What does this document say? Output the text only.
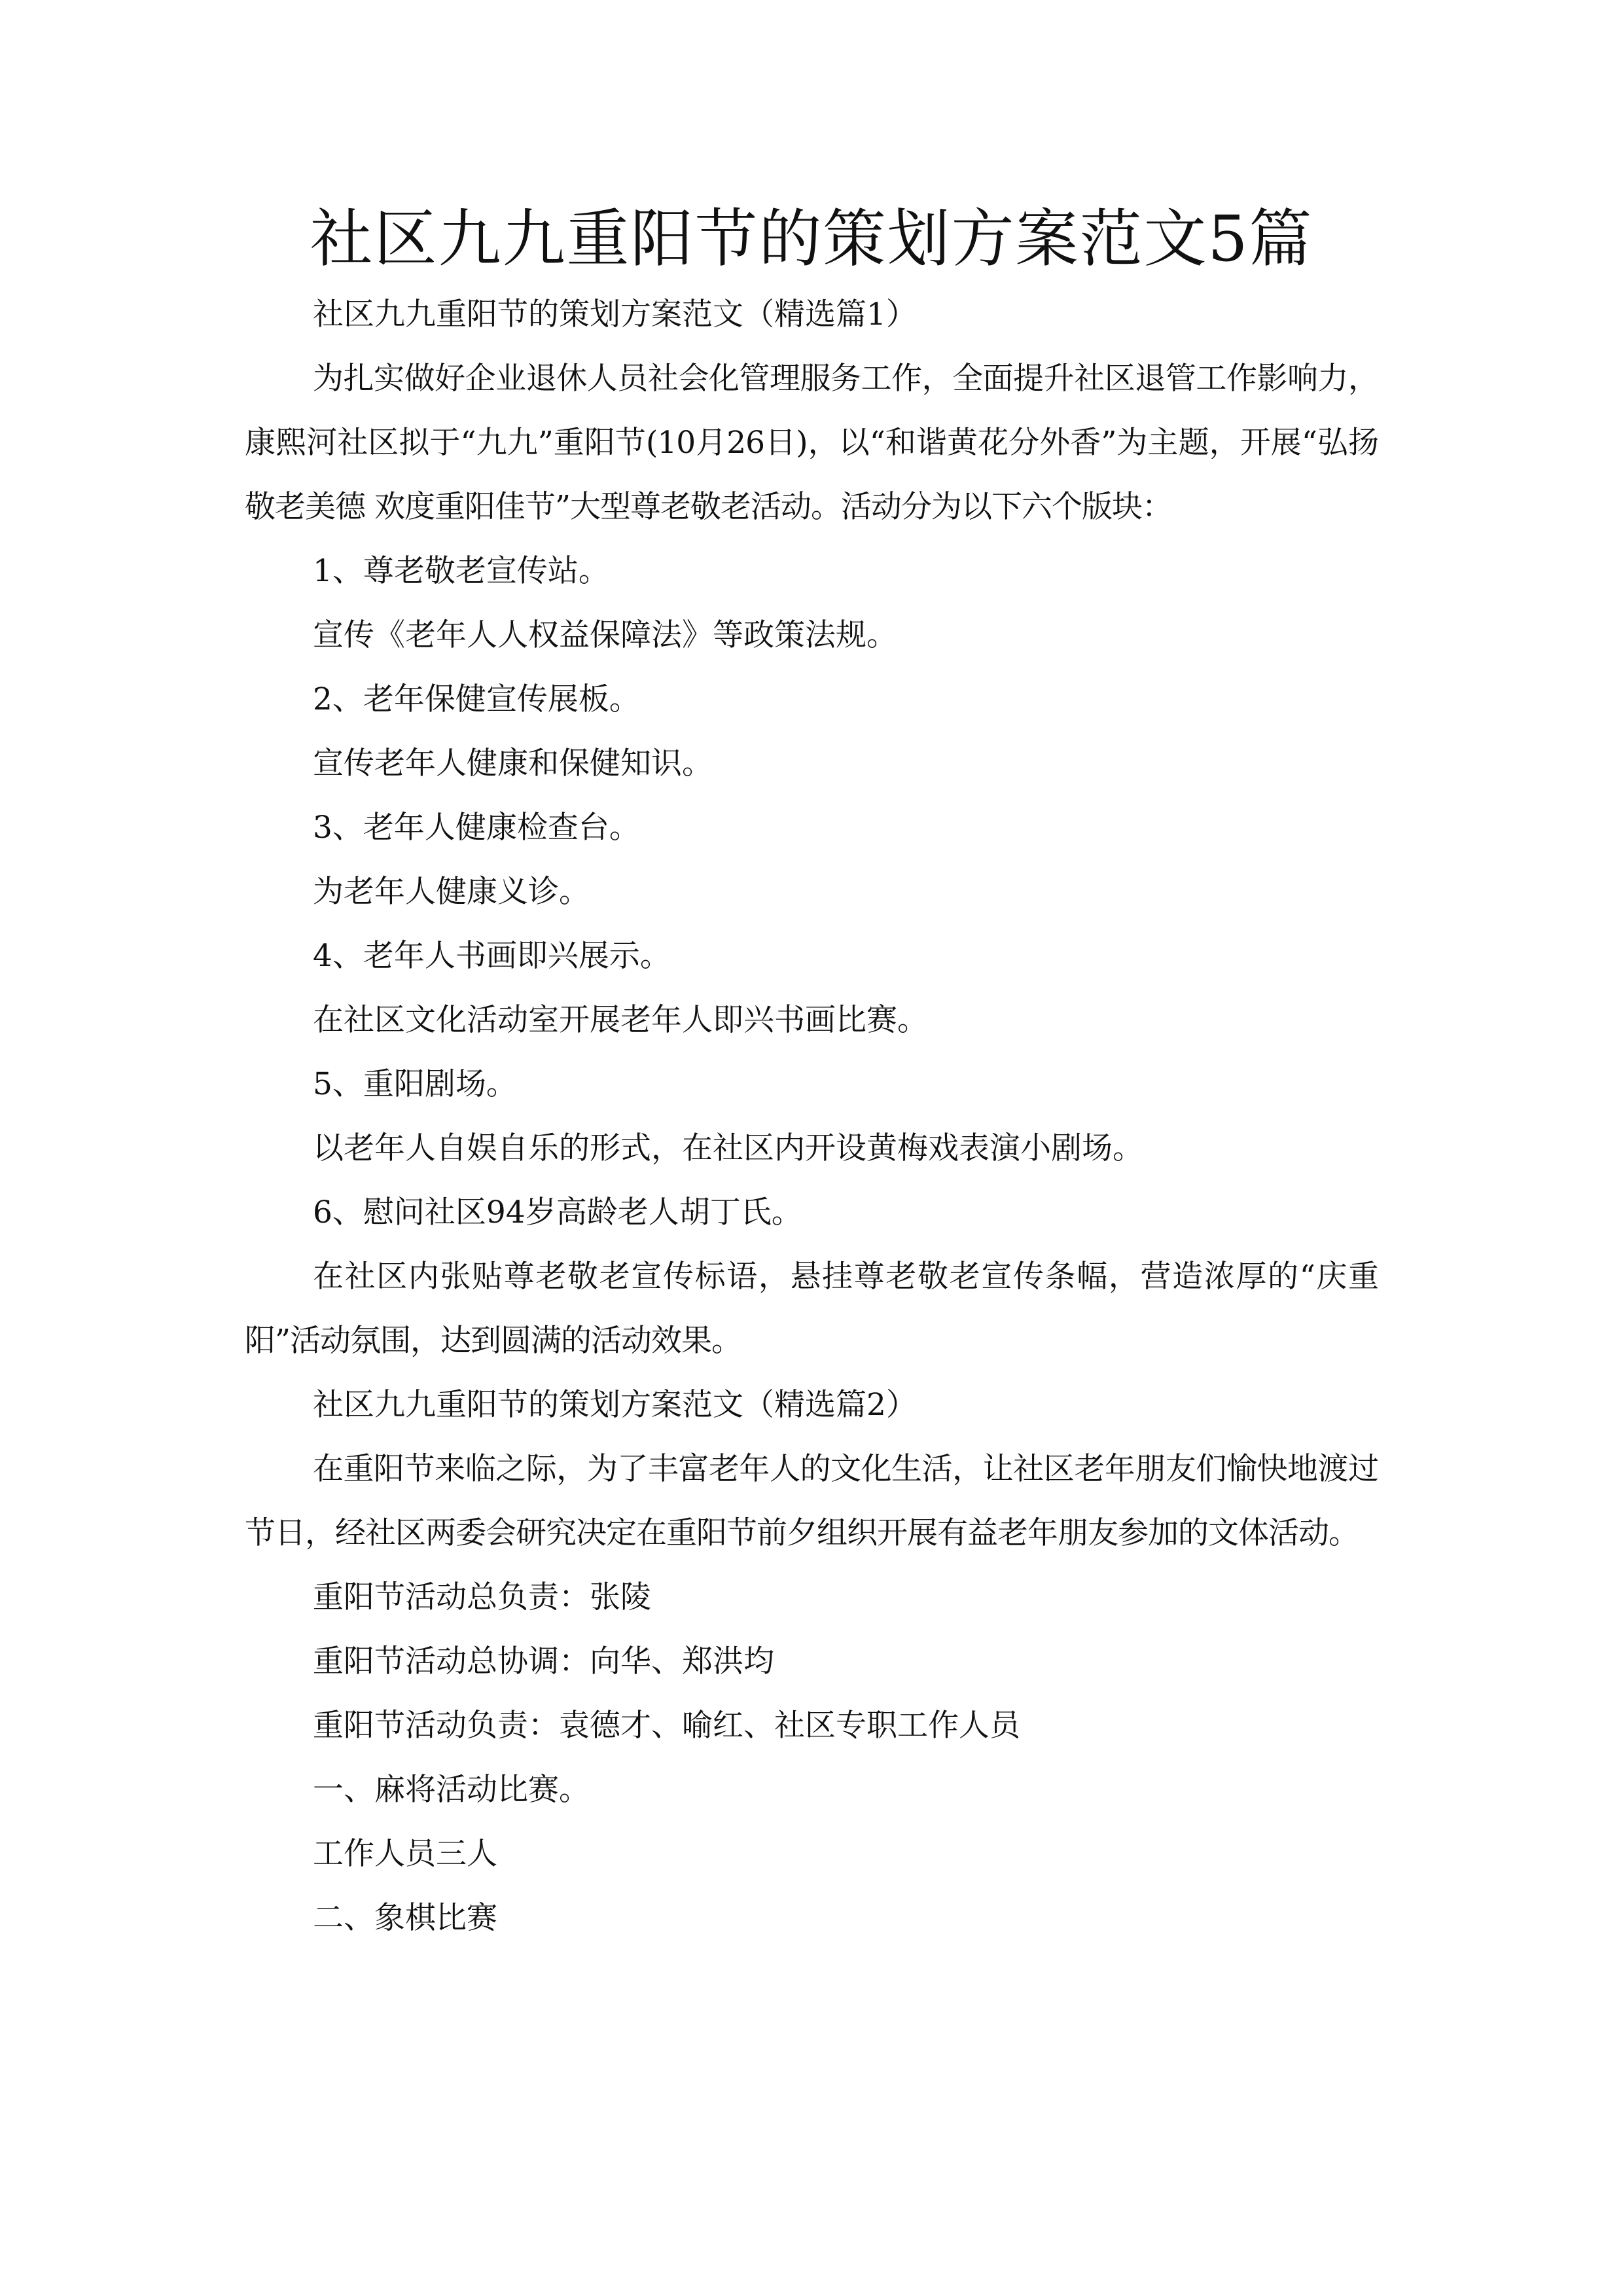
社区九九重阳节的策划方案范文5篇

社区九九重阳节的策划方案范文（精选篇1）

为扎实做好企业退休人员社会化管理服务工作，全面提升社区退管工作影响力，康熙河社区拟于“九九”重阳节(10月26日)，以“和谐黄花分外香”为主题，开展“弘扬敬老美德 欢度重阳佳节”大型尊老敬老活动。活动分为以下六个版块：

1、尊老敬老宣传站。

宣传《老年人人权益保障法》等政策法规。

2、老年保健宣传展板。

宣传老年人健康和保健知识。

3、老年人健康检查台。

为老年人健康义诊。

4、老年人书画即兴展示。

在社区文化活动室开展老年人即兴书画比赛。

5、重阳剧场。

以老年人自娱自乐的形式，在社区内开设黄梅戏表演小剧场。

6、慰问社区94岁高龄老人胡丁氏。

在社区内张贴尊老敬老宣传标语，悬挂尊老敬老宣传条幅，营造浓厚的“庆重阳”活动氛围，达到圆满的活动效果。

社区九九重阳节的策划方案范文（精选篇2）

在重阳节来临之际，为了丰富老年人的文化生活，让社区老年朋友们愉快地渡过节日，经社区两委会研究决定在重阳节前夕组织开展有益老年朋友参加的文体活动。

重阳节活动总负责：张陵

重阳节活动总协调：向华、郑洪均

重阳节活动负责：袁德才、喻红、社区专职工作人员

一、麻将活动比赛。

工作人员三人

二、象棋比赛
